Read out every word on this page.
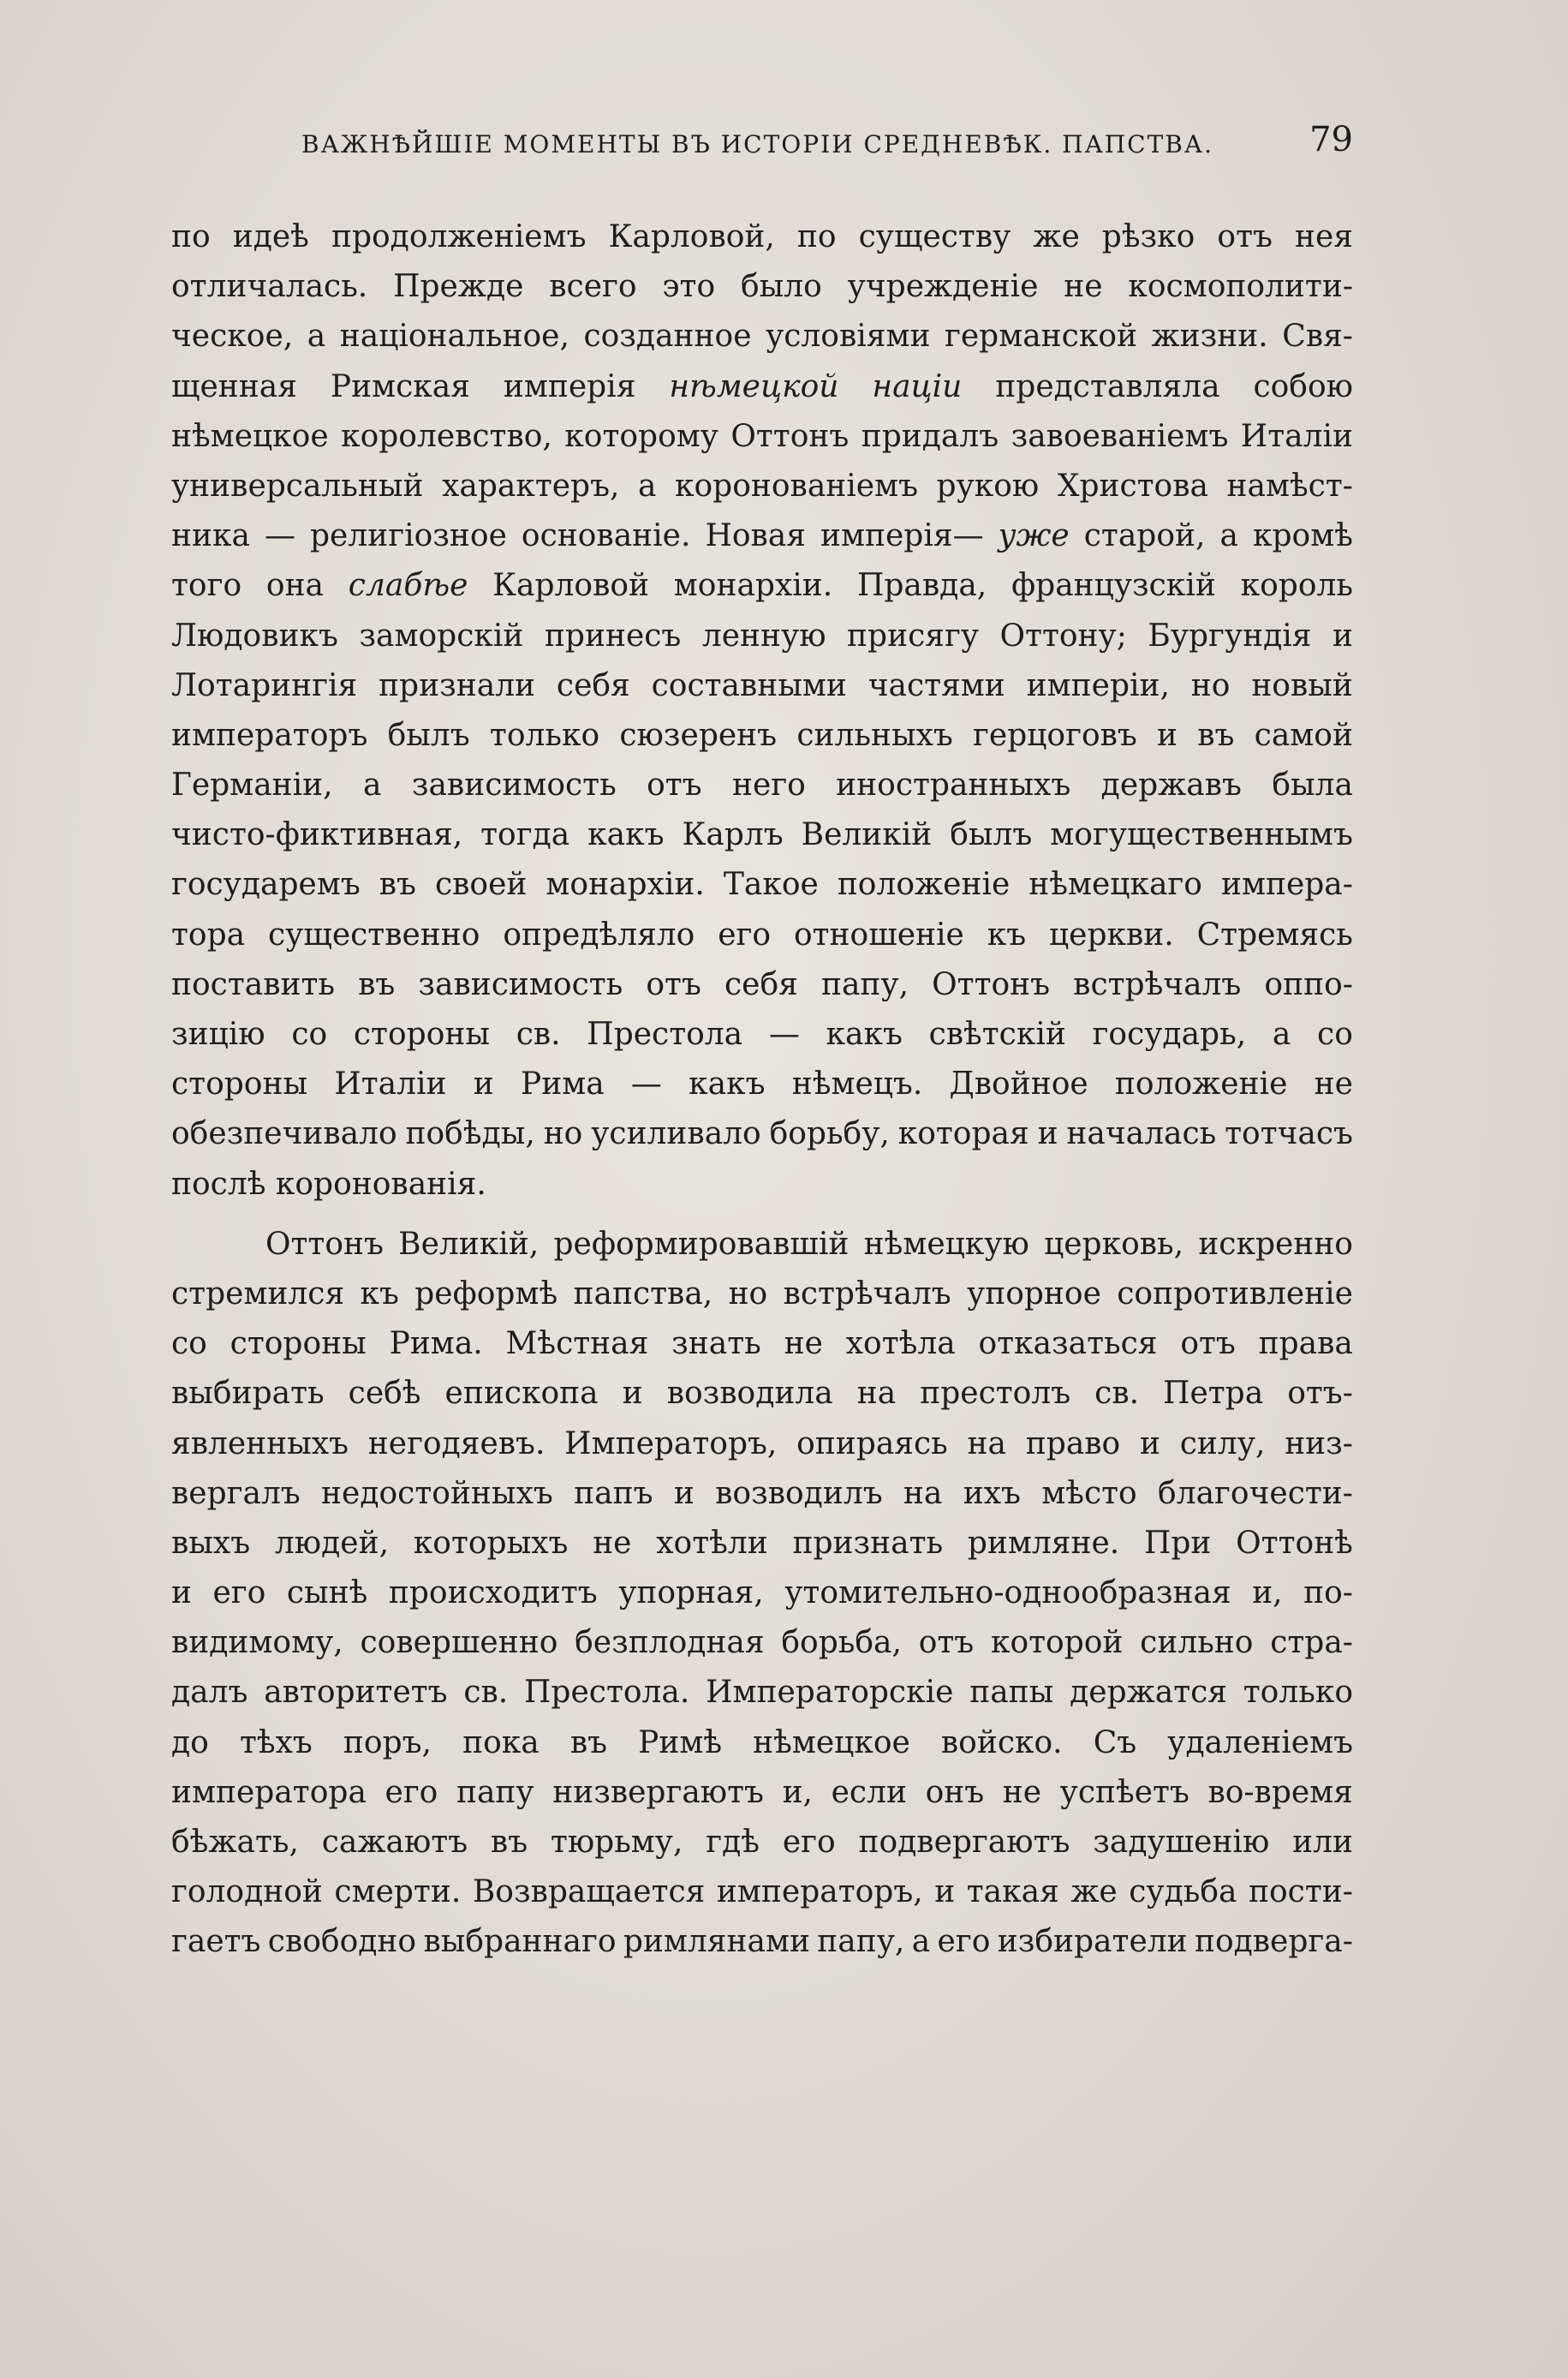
ВАЖНѢЙШІЕ МОМЕНТЫ ВЪ ИСТОРІИ СРЕДНЕВѢК. ПАПСТВА.	79
по идеѣ продолженіемъ Карловой, по существу же рѣзко отъ нея
отличалась. Прежде всего это было учрежденіе не космополити-
ческое, а національное, созданное условіями германской жизни. Свя-
щенная Римская имперія нѣмецкой націи представляла собою
нѣмецкое королевство, которому Оттонъ придалъ завоеваніемъ Италіи
универсальный характеръ, а коронованіемъ рукою Христова намѣст-
ника — религіозное основаніе. Новая имперія— уже старой, а кромѣ
того она слабѣе Карловой монархіи. Правда, французскій король
Людовикъ заморскій принесъ ленную присягу Оттону; Бургундія и
Лотарингія признали себя составными частями имперіи, но новый
императоръ былъ только сюзеренъ сильныхъ герцоговъ и въ самой
Германіи, а зависимость отъ него иностранныхъ державъ была
чисто-фиктивная, тогда какъ Карлъ Великій былъ могущественнымъ
государемъ въ своей монархіи. Такое положеніе нѣмецкаго импера-
тора существенно опредѣляло его отношеніе къ церкви. Стремясь
поставить въ зависимость отъ себя папу, Оттонъ встрѣчалъ оппо-
зицію со стороны св. Престола — какъ свѣтскій государь, а со
стороны Италіи и Рима — какъ нѣмецъ. Двойное положеніе не
обезпечивало побѣды, но усиливало борьбу, которая и началась тотчасъ
послѣ
коронованія.

Оттонъ Великій, реформировавшій нѣмецкую церковь, искренно
стремился къ реформѣ папства, но встрѣчалъ упорное сопротивленіе
со стороны Рима. Мѣстная знать не хотѣла отказаться отъ права
выбирать себѣ епископа и возводила на престолъ св. Петра отъ-
явленныхъ негодяевъ. Императоръ, опираясь на право и силу, низ-
вергалъ недостойныхъ папъ и возводилъ на ихъ мѣсто благочести-
выхъ людей, которыхъ не хотѣли признать римляне. При Оттонѣ
и его сынѣ происходитъ упорная, утомительно-однообразная и, по-
видимому, совершенно безплодная борьба, отъ которой сильно стра-
далъ авторитетъ св. Престола. Императорскіе папы держатся только
до тѣхъ поръ, пока въ Римѣ нѣмецкое войско. Съ удаленіемъ
императора его папу низвергаютъ и, если онъ не успѣетъ во-время
бѣжать, сажаютъ въ тюрьму, гдѣ его подвергаютъ задушенію или
голодной смерти. Возвращается императоръ, и такая же судьба пости-
гаетъ свободно выбраннаго римлянами папу, а его избиратели подверга-
